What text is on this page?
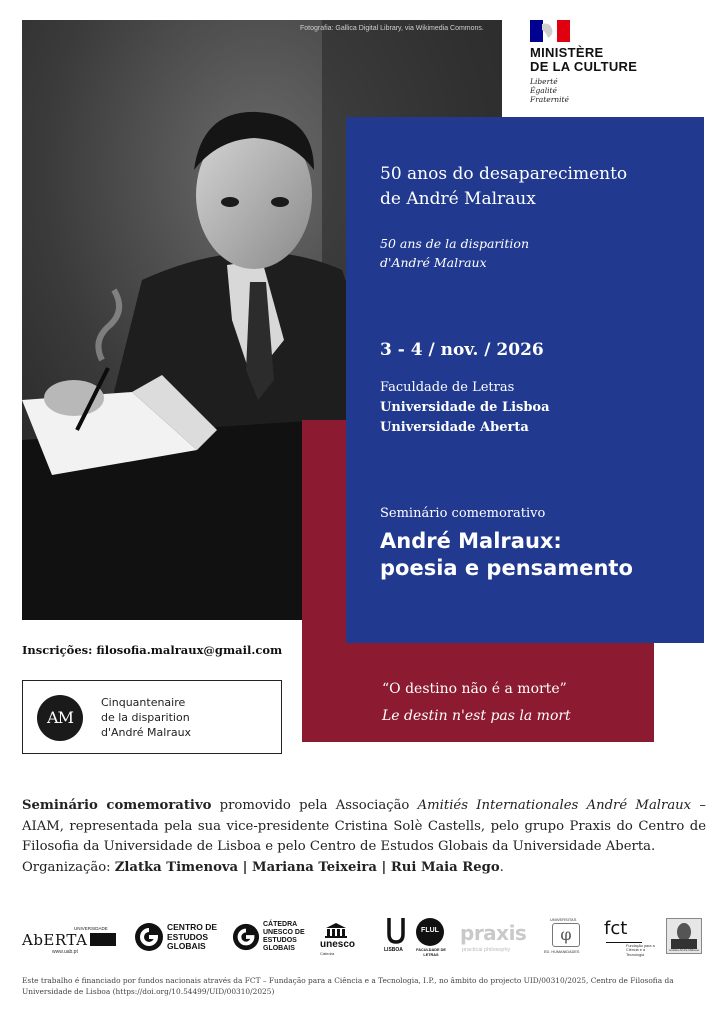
Fotografia: Gallica Digital Library, via Wikimedia Commons.
MINISTÈRE
DE LA CULTURE
Liberté
Égalité
Fraternité
50 anos do desaparecimento
de André Malraux
50 ans de la disparition
d'André Malraux
3 - 4 / nov. / 2026
Faculdade de Letras
Universidade de Lisboa
Universidade Aberta
Seminário comemorativo
André Malraux:
poesia e pensamento
“O destino não é a morte”
Le destin n'est pas la mort
Inscrições: filosofia.malraux@gmail.com
AM
Cinquantenaire
de la disparition
d'André Malraux
Seminário comemorativo promovido pela Associação Amitiés Internationales André Malraux – AIAM, representada pela sua vice-presidente Cristina Solè Castells, pelo grupo Praxis do Centro de Filosofia da Universidade de Lisboa e pelo Centro de Estudos Globais da Universidade Aberta.
Organização: Zlatka Timenova | Mariana Teixeira | Rui Maia Rego.
UNIVERSIDADE
AbERTA
www.uab.pt
CENTRO DE
ESTUDOS
GLOBAIS
CÁTEDRA
UNESCO DE
ESTUDOS
GLOBAIS	unesco
Cátedra
LISBOA
FLUL
FACULDADE DE LETRAS
praxis
practical philosophy
UNIVERSITAS
φ
ED. HUMANIDADES
fct
Fundação para a Ciência e a Tecnologia
Amitiés André Malraux
Este trabalho é financiado por fundos nacionais através da FCT – Fundação para a Ciência e a Tecnologia, I.P., no âmbito do projecto UID/00310/2025, Centro de Filosofia da Universidade de Lisboa (https://doi.org/10.54499/UID/00310/2025)
